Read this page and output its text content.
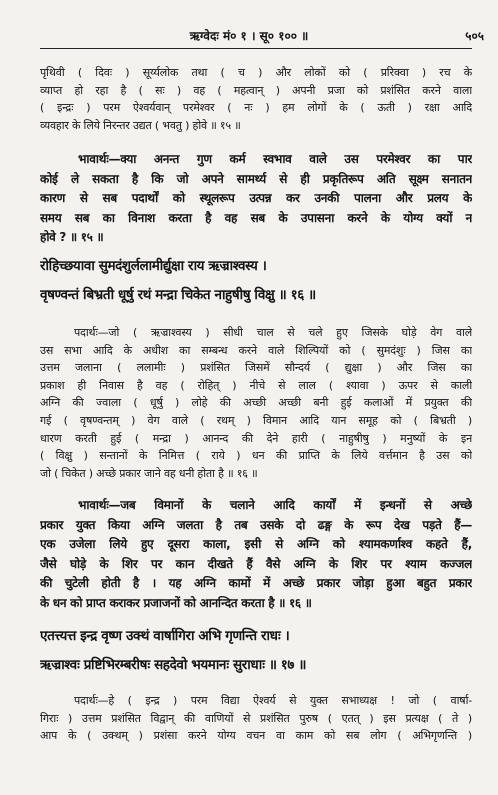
ऋग्वेदः मं० १ । सू० १०० ॥	५०५
पृथिवी ( दिवः ) सूर्य्यलोक तथा ( च ) और लोकों को ( प्ररिक्वा ) रच के
व्याप्त हो रहा है ( सः ) वह ( महत्वान् ) अपनी प्रजा को प्रशंसित करने वाला
( इन्द्रः ) परम ऐश्वर्यवान् परमेश्वर ( नः ) हम लोगों के ( ऊती ) रक्षा आदि
व्यवहार के लिये निरन्तर उद्यत ( भवतु ) होवे ॥ १५ ॥
भावार्थः—क्या अनन्त गुण कर्म स्वभाव वाले उस परमेश्वर का पार
कोई ले सकता है कि जो अपने सामर्थ्य से ही प्रकृतिरूप अति सूक्ष्म सनातन
कारण से सब पदार्थों को स्थूलरूप उत्पन्न कर उनकी पालना और प्रलय के
समय सब का विनाश करता है वह सब के उपासना करने के योग्य क्यों न
होवे ? ॥ १५ ॥
रोहिच्छयावा सुमदंशुर्ललामीर्द्युक्षा राय ऋज्राश्वस्य ।
वृषण्वन्तं बिभ्रती धूर्षु रथं मन्द्रा चिकेत नाहुषीषु विक्षु ॥ १६ ॥
पदार्थः—जो ( ऋज्राश्वस्य ) सीधी चाल से चले हुए जिसके घोड़े वेग वाले
उस सभा आदि के अधीश का सम्बन्ध करने वाले शिल्पियों को ( सुमदंशुः ) जिस का
उत्तम जलाना ( ललामीः ) प्रशंसित जिसमें सौन्दर्य ( द्युक्षा ) और जिस का
प्रकाश ही निवास है वह ( रोहित् ) नीचे से लाल ( श्यावा ) ऊपर से काली
अग्नि की ज्वाला ( धूर्षु ) लोहे की अच्छी अच्छी बनी हुई कलाओं में प्रयुक्त की
गई ( वृषण्वन्तम् ) वेग वाले ( रथम् ) विमान आदि यान समूह को ( बिभ्रती )
धारण करती हुई ( मन्द्रा ) आनन्द की देने हारी ( नाहुषीषु ) मनुष्यों के इन
( विक्षु ) सन्तानों के निमित्त ( राये ) धन की प्राप्ति के लिये वर्त्तमान है उस को
जो ( चिकेत ) अच्छे प्रकार जाने वह धनी होता है ॥ १६ ॥
भावार्थः—जब विमानों के चलाने आदि कार्यों में इन्धनों से अच्छे
प्रकार युक्त किया अग्नि जलता है तब उसके दो ढङ्ग के रूप देख पड़ते हैं—
एक उजेला लिये हुए दूसरा काला, इसी से अग्नि को श्यामकर्णाश्व कहते हैं,
जैसे घोड़े के शिर पर कान दीखते हैं वैसे अग्नि के शिर पर श्याम कज्जल
की चुटेली होती है । यह अग्नि कामों में अच्छे प्रकार जोड़ा हुआ बहुत प्रकार
के धन को प्राप्त कराकर प्रजाजनों को आनन्दित करता है ॥ १६ ॥
एतत्त्यत्त इन्द्र वृष्ण उक्थं वार्षागिरा अभि गृणन्ति राधः ।
ऋज्राश्वः प्रष्टिभिरम्बरीषः सहदेवो भयमानः सुराधाः ॥ १७ ॥
पदार्थः—हे ( इन्द्र ) परम विद्या ऐश्वर्य से युक्त सभाध्यक्ष ! जो ( वार्षा-
गिराः ) उत्तम प्रशंसित विद्वान् की वाणियों से प्रशंसित पुरुष ( एतत् ) इस प्रत्यक्ष ( ते )
आप के ( उक्थम् ) प्रशंसा करने योग्य वचन वा काम को सब लोग ( अभिगृणन्ति )
